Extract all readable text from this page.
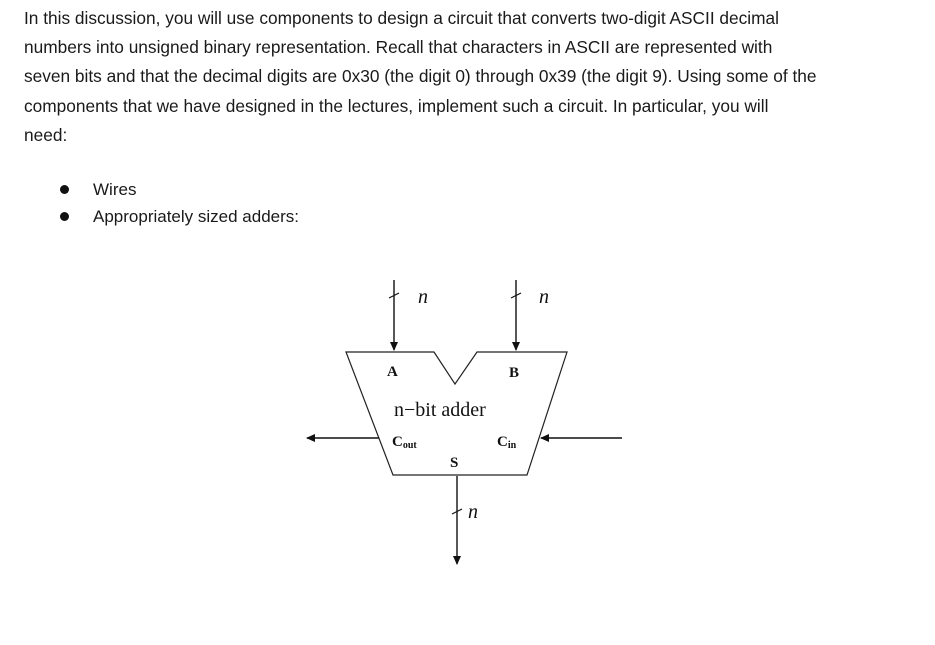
In this discussion, you will use components to design a circuit that converts two-digit ASCII decimal
numbers into unsigned binary representation. Recall that characters in ASCII are represented with
seven bits and that the decimal digits are 0x30 (the digit 0) through 0x39 (the digit 9). Using some of the
components that we have designed in the lectures, implement such a circuit. In particular, you will
need:

Wires
Appropriately sized adders:
n	n
A	B
n−bit adder
Cout	Cin
S
n
